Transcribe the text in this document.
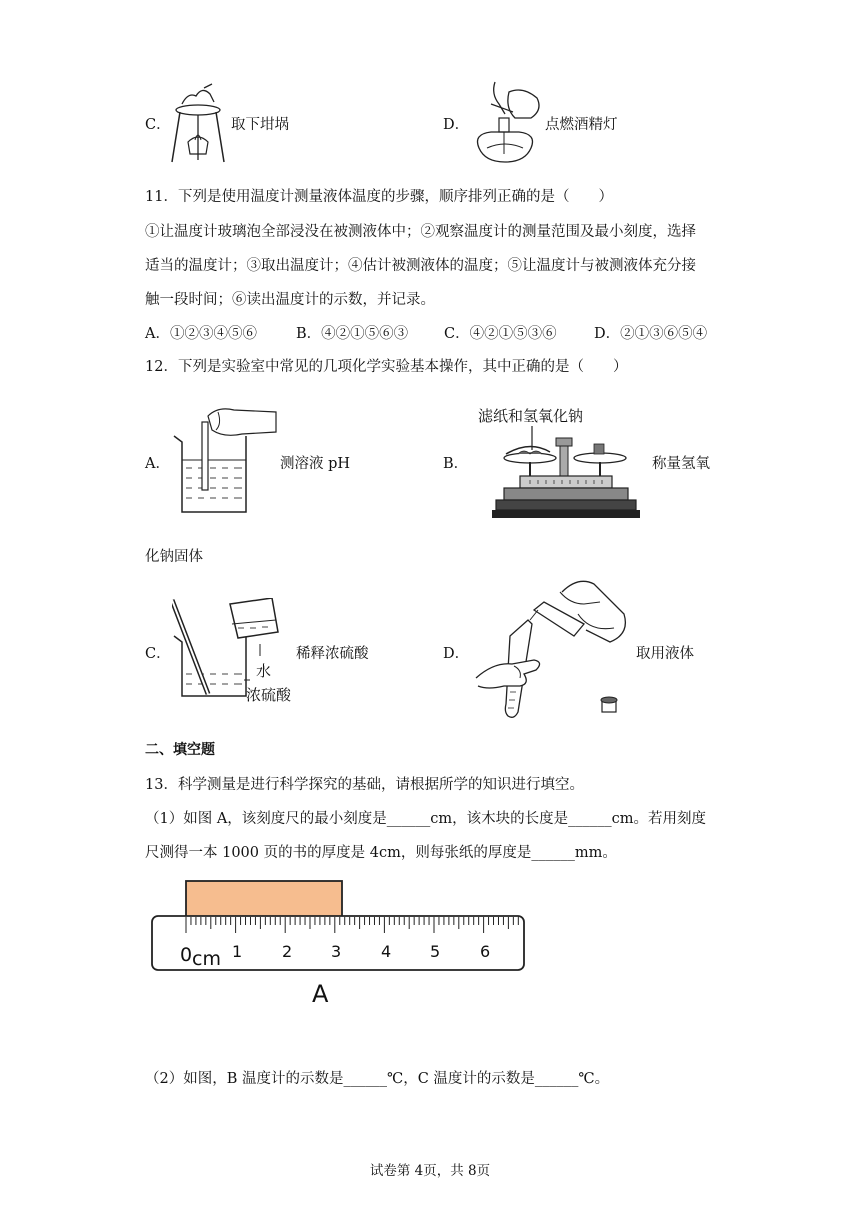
C．	取下坩埚	D．	点燃酒精灯
11．下列是使用温度计测量液体温度的步骤，顺序排列正确的是（　　）
①让温度计玻璃泡全部浸没在被测液体中；②观察温度计的测量范围及最小刻度，选择
适当的温度计；③取出温度计；④估计被测液体的温度；⑤让温度计与被测液体充分接
触一段时间；⑥读出温度计的示数，并记录。
A．①②③④⑤⑥	B．④②①⑤⑥③ C．④②①⑤③⑥	D．②①③⑥⑤④
12．下列是实验室中常见的几项化学实验基本操作，其中正确的是（　　）
A．	测溶液 pH	B．
滤纸和氢氧化钠
称量氢氧
化钠固体
C．
水
浓硫酸
稀释浓硫酸	D．	取用液体
二、填空题
13．科学测量是进行科学探究的基础，请根据所学的知识进行填空。
（1）如图 A，该刻度尺的最小刻度是______cm，该木块的长度是______cm。若用刻度
尺测得一本 1000 页的书的厚度是 4cm，则每张纸的厚度是______mm。
0 cm 1 2 3 4 5 6
A
（2）如图，B 温度计的示数是______℃，C 温度计的示数是______℃。
试卷第 4页，共 8页
